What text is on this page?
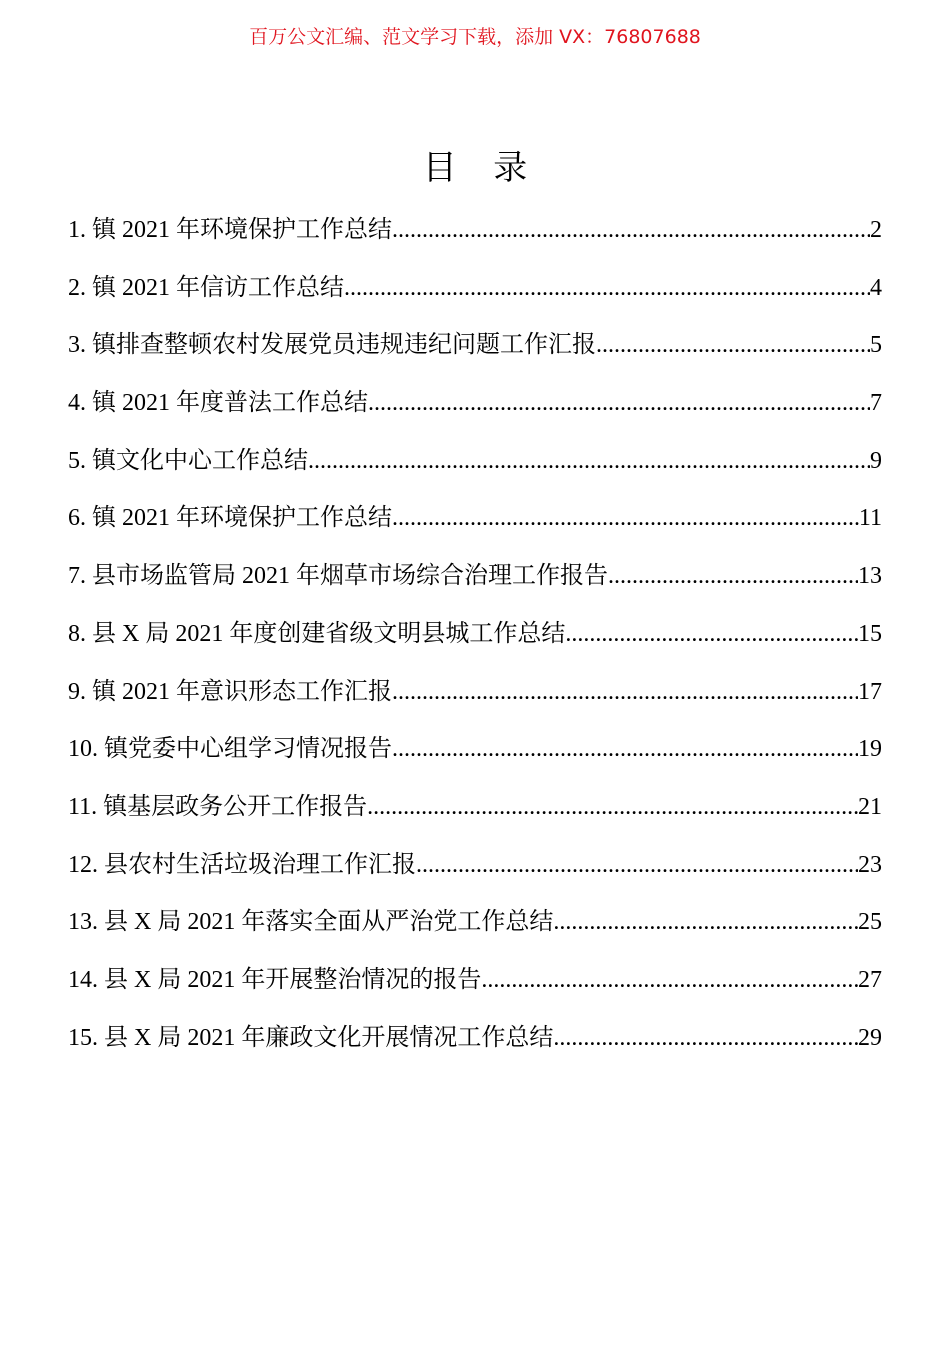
百万公文汇编、范文学习下载，添加 VX：76807688
目 录
1. 镇 2021 年环境保护工作总结 .....	2
2. 镇 2021 年信访工作总结 .....	4
3. 镇排查整顿农村发展党员违规违纪问题工作汇报 .....	5
4. 镇 2021 年度普法工作总结 .....	7
5. 镇文化中心工作总结 .....	9
6. 镇 2021 年环境保护工作总结 .....	11
7. 县市场监管局 2021 年烟草市场综合治理工作报告 .....	13
8. 县 X 局 2021 年度创建省级文明县城工作总结 .....	15
9. 镇 2021 年意识形态工作汇报 .....	17
10. 镇党委中心组学习情况报告 .....	19
11. 镇基层政务公开工作报告 .....	21
12. 县农村生活垃圾治理工作汇报 .....	23
13. 县 X 局 2021 年落实全面从严治党工作总结 .....	25
14. 县 X 局 2021 年开展整治情况的报告 .....	27
15. 县 X 局 2021 年廉政文化开展情况工作总结 .....	29
